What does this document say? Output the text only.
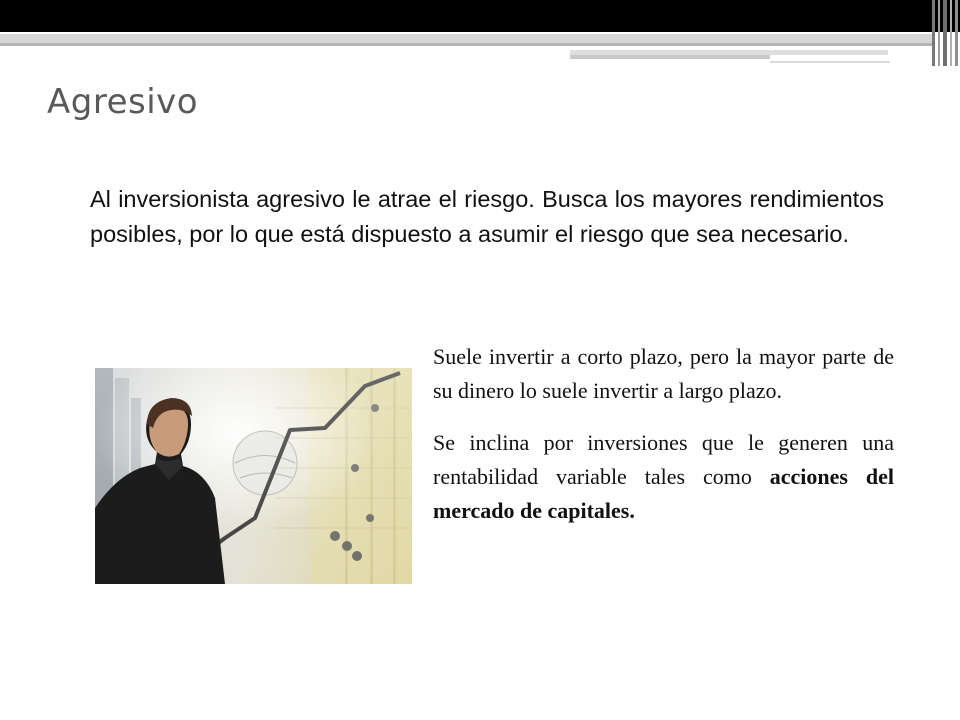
Agresivo

Al inversionista agresivo le atrae el riesgo. Busca los mayores rendimientos posibles, por lo que está dispuesto a asumir el riesgo que sea necesario.

Suele invertir a corto plazo, pero la mayor parte de su dinero lo suele invertir a largo plazo.

Se inclina por inversiones que le generen una rentabilidad variable tales como acciones del mercado de capitales.
